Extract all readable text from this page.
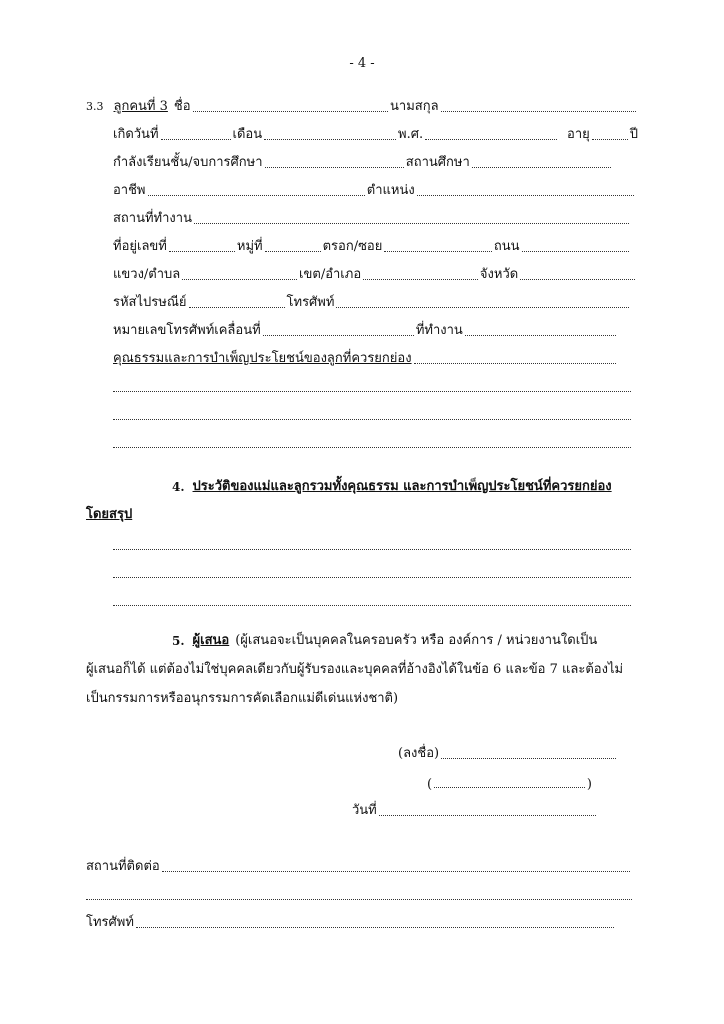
- 4 -
3.3 ลูกคนที่ 3 ชื่อ	นามสกุล
เกิดวันที่	เดือน	พ.ศ.	อายุ	ปี
กำลังเรียนชั้น/จบการศึกษา	สถานศึกษา
อาชีพ	ตำแหน่ง
สถานที่ทำงาน
ที่อยู่เลขที่	หมู่ที่	ตรอก/ซอย	ถนน
แขวง/ตำบล	เขต/อำเภอ	จังหวัด
รหัสไปรษณีย์	โทรศัพท์
หมายเลขโทรศัพท์เคลื่อนที่	ที่ทำงาน
คุณธรรมและการบำเพ็ญประโยชน์ของลูกที่ควรยกย่อง
4. ประวัติของแม่และลูกรวมทั้งคุณธรรม และการบำเพ็ญประโยชน์ที่ควรยกย่อง
โดยสรุป
5. ผู้เสนอ (ผู้เสนอจะเป็นบุคคลในครอบครัว หรือ องค์การ / หน่วยงานใดเป็น
ผู้เสนอก็ได้ แต่ต้องไม่ใช่บุคคลเดียวกับผู้รับรองและบุคคลที่อ้างอิงได้ในข้อ 6 และข้อ 7 และต้องไม่
เป็นกรรมการหรืออนุกรรมการคัดเลือกแม่ดีเด่นแห่งชาติ)
(ลงชื่อ)
(	)
วันที่
สถานที่ติดต่อ
โทรศัพท์
